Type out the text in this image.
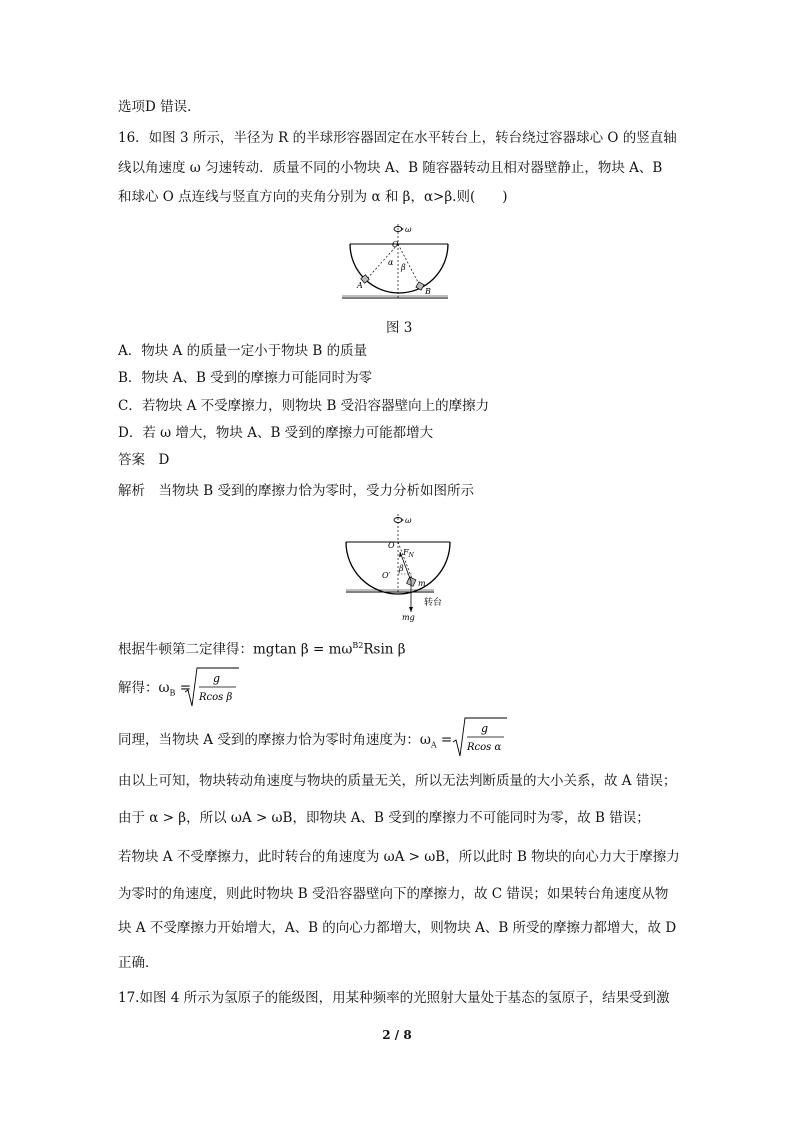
选项D 错误．
16．如图 3 所示，半径为 R 的半球形容器固定在水平转台上，转台绕过容器球心 O 的竖直轴
线以角速度 ω 匀速转动．质量不同的小物块 A、B 随容器转动且相对器壁静止，物块 A、B
和球心 O 点连线与竖直方向的夹角分别为 α 和 β，α>β.则(　　)
ω
O
α
β
A
B
图 3
A．物块 A 的质量一定小于物块 B 的质量
B．物块 A、B 受到的摩擦力可能同时为零
C．若物块 A 不受摩擦力，则物块 B 受沿容器壁向上的摩擦力
D．若 ω 增大，物块 A、B 受到的摩擦力可能都增大
答案　D
解析　当物块 B 受到的摩擦力恰为零时，受力分析如图所示
ω
O
O′
$F_N$
β
m
转台
mg
根据牛顿第二定律得：mgtan $\beta = m\omega^{B2}Rsin$ β
解得：$\omega_B$ =
g
Rcos β
同理，当物块 A 受到的摩擦力恰为零时角速度为：$\omega_A$ =
g
Rcos α
由以上可知，物块转动角速度与物块的质量无关，所以无法判断质量的大小关系，故 A 错误；
由于 α > β，所以 ωA > ωB，即物块 A、B 受到的摩擦力不可能同时为零，故 B 错误；
若物块 A 不受摩擦力，此时转台的角速度为 ωA > ωB，所以此时 B 物块的向心力大于摩擦力
为零时的角速度，则此时物块 B 受沿容器壁向下的摩擦力，故 C 错误；如果转台角速度从物
块 A 不受摩擦力开始增大，A、B 的向心力都增大，则物块 A、B 所受的摩擦力都增大，故 D
正确．
17.如图 4 所示为氢原子的能级图，用某种频率的光照射大量处于基态的氢原子，结果受到激
2 / 8
